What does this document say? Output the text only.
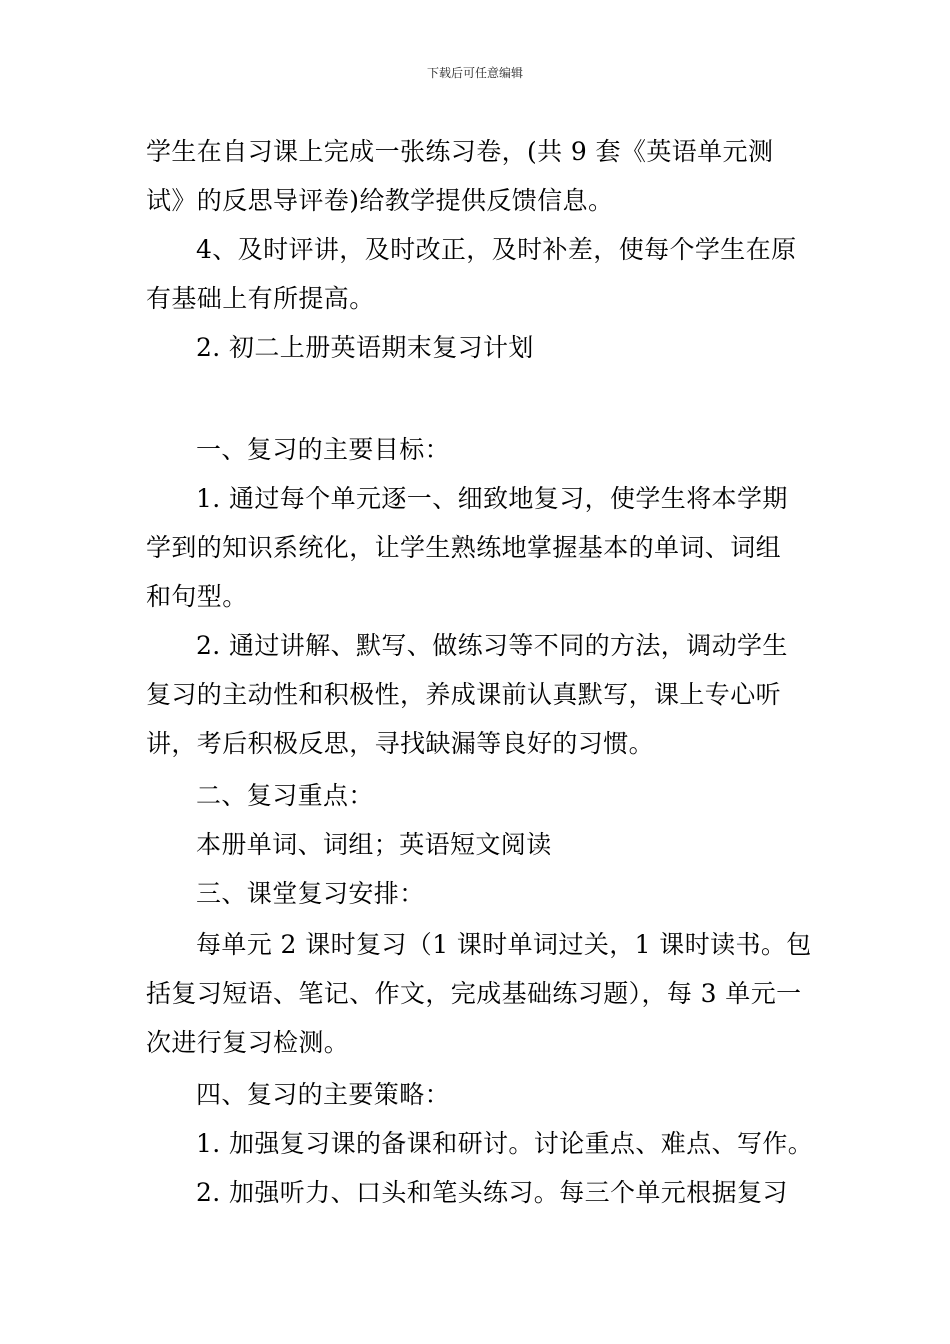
下载后可任意编辑
学生在自习课上完成一张练习卷，(共 9 套《英语单元测
试》的反思导评卷)给教学提供反馈信息。
4、及时评讲，及时改正，及时补差，使每个学生在原
有基础上有所提高。
2. 初二上册英语期末复习计划
一、复习的主要目标：
1. 通过每个单元逐一、细致地复习，使学生将本学期
学到的知识系统化，让学生熟练地掌握基本的单词、词组
和句型。
2. 通过讲解、默写、做练习等不同的方法，调动学生
复习的主动性和积极性，养成课前认真默写，课上专心听
讲，考后积极反思，寻找缺漏等良好的习惯。
二、复习重点：
本册单词、词组；英语短文阅读
三、课堂复习安排：
每单元 2 课时复习（1 课时单词过关，1 课时读书。包
括复习短语、笔记、作文，完成基础练习题），每 3 单元一
次进行复习检测。
四、复习的主要策略：
1. 加强复习课的备课和研讨。讨论重点、难点、写作。
2. 加强听力、口头和笔头练习。每三个单元根据复习
